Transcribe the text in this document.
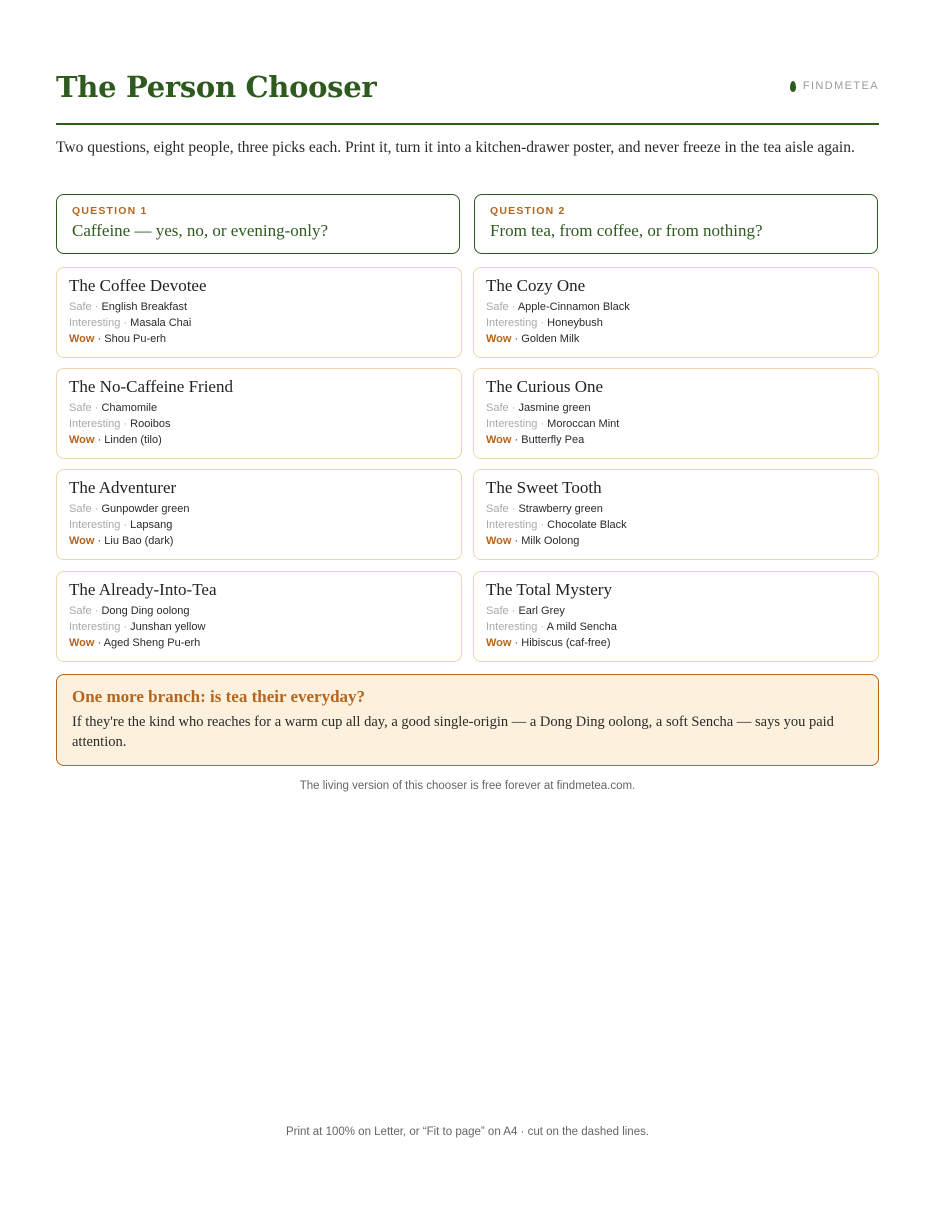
The Person Chooser	FINDMETEA

Two questions, eight people, three picks each. Print it, turn it into a kitchen-drawer poster, and never freeze in the tea aisle again.

QUESTION 1
Caffeine — yes, no, or evening-only?
QUESTION 2
From tea, from coffee, or from nothing?
The Coffee Devotee
Safe · English Breakfast
Interesting · Masala Chai
Wow · Shou Pu-erh
The Cozy One
Safe · Apple-Cinnamon Black
Interesting · Honeybush
Wow · Golden Milk
The No-Caffeine Friend
Safe · Chamomile
Interesting · Rooibos
Wow · Linden (tilo)
The Curious One
Safe · Jasmine green
Interesting · Moroccan Mint
Wow · Butterfly Pea
The Adventurer
Safe · Gunpowder green
Interesting · Lapsang
Wow · Liu Bao (dark)
The Sweet Tooth
Safe · Strawberry green
Interesting · Chocolate Black
Wow · Milk Oolong
The Already-Into-Tea
Safe · Dong Ding oolong
Interesting · Junshan yellow
Wow · Aged Sheng Pu-erh
The Total Mystery
Safe · Earl Grey
Interesting · A mild Sencha
Wow · Hibiscus (caf-free)
One more branch: is tea their everyday?
If they're the kind who reaches for a warm cup all day, a good single-origin — a Dong Ding oolong, a soft Sencha — says you paid attention.
The living version of this chooser is free forever at findmetea.com.
Print at 100% on Letter, or “Fit to page” on A4 · cut on the dashed lines.
